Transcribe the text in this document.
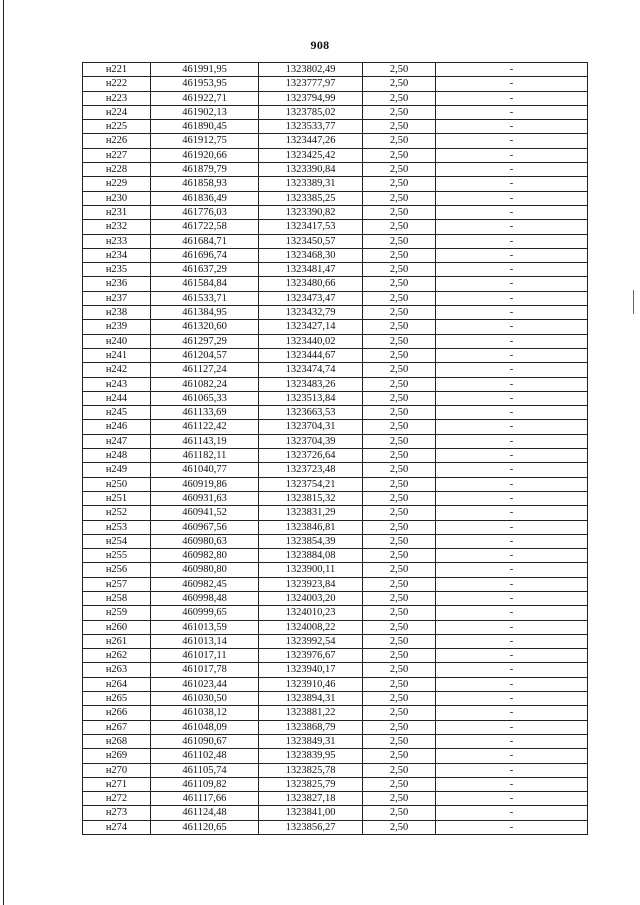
908
н221	461991,95	1323802,49	2,50	-
н222	461953,95	1323777,97	2,50	-
н223	461922,71	1323794,99	2,50	-
н224	461902,13	1323785,02	2,50	-
н225	461890,45	1323533,77	2,50	-
н226	461912,75	1323447,26	2,50	-
н227	461920,66	1323425,42	2,50	-
н228	461879,79	1323390,84	2,50	-
н229	461858,93	1323389,31	2,50	-
н230	461836,49	1323385,25	2,50	-
н231	461776,03	1323390,82	2,50	-
н232	461722,58	1323417,53	2,50	-
н233	461684,71	1323450,57	2,50	-
н234	461696,74	1323468,30	2,50	-
н235	461637,29	1323481,47	2,50	-
н236	461584,84	1323480,66	2,50	-
н237	461533,71	1323473,47	2,50	-
н238	461384,95	1323432,79	2,50	-
н239	461320,60	1323427,14	2,50	-
н240	461297,29	1323440,02	2,50	-
н241	461204,57	1323444,67	2,50	-
н242	461127,24	1323474,74	2,50	-
н243	461082,24	1323483,26	2,50	-
н244	461065,33	1323513,84	2,50	-
н245	461133,69	1323663,53	2,50	-
н246	461122,42	1323704,31	2,50	-
н247	461143,19	1323704,39	2,50	-
н248	461182,11	1323726,64	2,50	-
н249	461040,77	1323723,48	2,50	-
н250	460919,86	1323754,21	2,50	-
н251	460931,63	1323815,32	2,50	-
н252	460941,52	1323831,29	2,50	-
н253	460967,56	1323846,81	2,50	-
н254	460980,63	1323854,39	2,50	-
н255	460982,80	1323884,08	2,50	-
н256	460980,80	1323900,11	2,50	-
н257	460982,45	1323923,84	2,50	-
н258	460998,48	1324003,20	2,50	-
н259	460999,65	1324010,23	2,50	-
н260	461013,59	1324008,22	2,50	-
н261	461013,14	1323992,54	2,50	-
н262	461017,11	1323976,67	2,50	-
н263	461017,78	1323940,17	2,50	-
н264	461023,44	1323910,46	2,50	-
н265	461030,50	1323894,31	2,50	-
н266	461038,12	1323881,22	2,50	-
н267	461048,09	1323868,79	2,50	-
н268	461090,67	1323849,31	2,50	-
н269	461102,48	1323839,95	2,50	-
н270	461105,74	1323825,78	2,50	-
н271	461109,82	1323825,79	2,50	-
н272	461117,66	1323827,18	2,50	-
н273	461124,48	1323841,00	2,50	-
н274	461120,65	1323856,27	2,50	-
